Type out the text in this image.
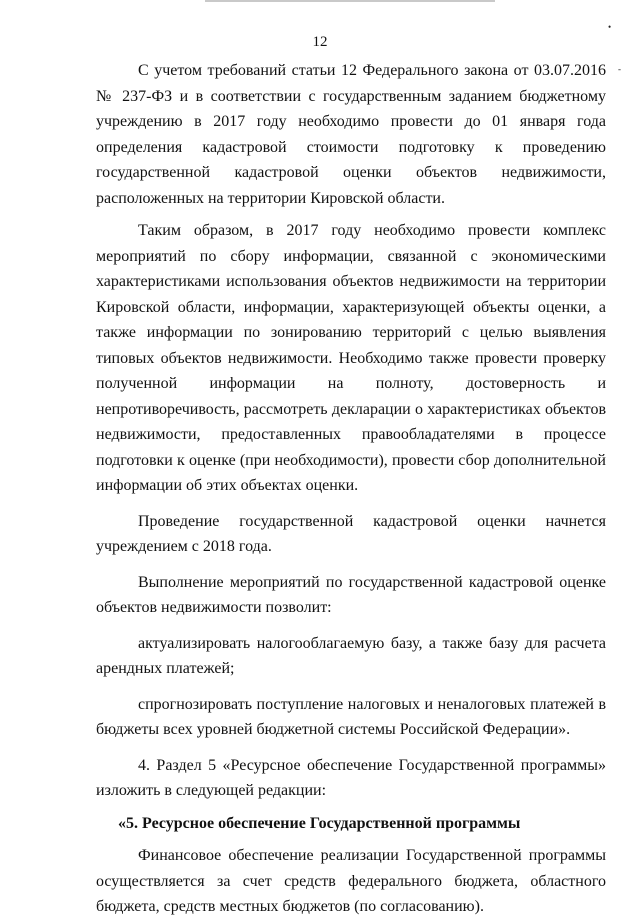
•
-
12

С учетом требований статьи 12 Федерального закона от 03.07.2016 № 237-ФЗ и в соответствии с государственным заданием бюджетному учреждению в 2017 году необходимо провести до 01 января года определения кадастровой стоимости подготовку к проведению государственной кадастровой оценки объектов недвижимости, расположенных на территории Кировской области.

Таким образом, в 2017 году необходимо провести комплекс мероприятий по сбору информации, связанной с экономическими характеристиками использования объектов недвижимости на территории Кировской области, информации, характеризующей объекты оценки, а также информации по зонированию территорий с целью выявления типовых объектов недвижимости. Необходимо также провести проверку полученной информации на полноту, достоверность и непротиворечивость, рассмотреть декларации о характеристиках объектов недвижимости, предоставленных правообладателями в процессе подготовки к оценке (при необходимости), провести сбор дополнительной информации об этих объектах оценки.

Проведение государственной кадастровой оценки начнется учреждением с 2018 года.

Выполнение мероприятий по государственной кадастровой оценке объектов недвижимости позволит:

актуализировать налогооблагаемую базу, а также базу для расчета арендных платежей;

спрогнозировать поступление налоговых и неналоговых платежей в бюджеты всех уровней бюджетной системы Российской Федерации».

4. Раздел 5 «Ресурсное обеспечение Государственной программы» изложить в следующей редакции:

«5. Ресурсное обеспечение Государственной программы

Финансовое обеспечение реализации Государственной программы осуществляется за счет средств федерального бюджета, областного бюджета, средств местных бюджетов (по согласованию).
